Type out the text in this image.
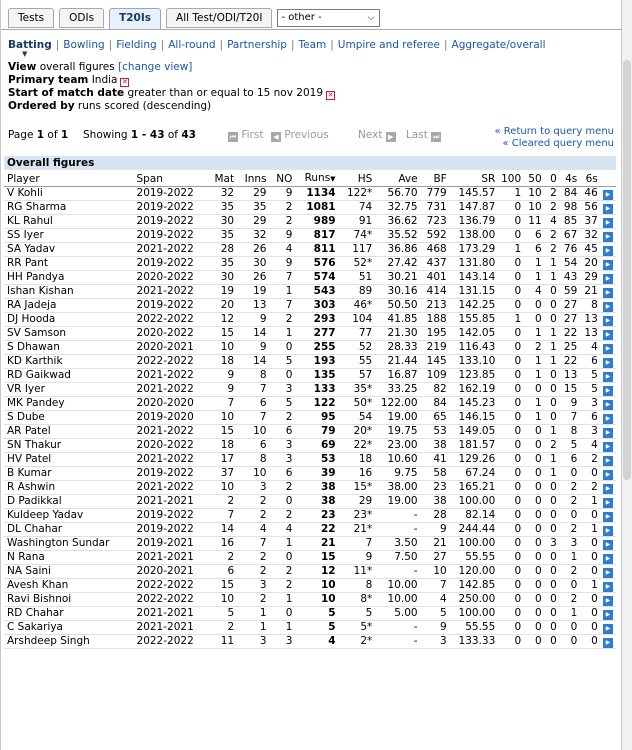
Tests	ODIs	T20Is	All Test/ODI/T20I	- other -	⌵
Batting
▼
| Bowling | Fielding | All-round | Partnership | Team | Umpire and referee | Aggregate/overall
View overall figures [change view]
Primary team India ✕
Start of match date greater than or equal to 15 nov 2019 ✕
Ordered by runs scored (descending)
Page 1 of 1 Showing 1 - 43 of 43	⏮ First	◀ Previous	Next ▶ Last ⏭	« Return to query menu
« Cleared query menu
Overall figures
Player	Span	Mat	Inns	NO	Runs▼	HS	Ave	BF	SR	100	50	0	4s	6s	
V Kohli	2019-2022	32	29	9	1134	122*	56.70	779	145.57	1	10	2	84	46	▶
RG Sharma	2019-2022	35	35	2	1081	74	32.75	731	147.87	0	10	2	98	56	▶
KL Rahul	2019-2022	30	29	2	989	91	36.62	723	136.79	0	11	4	85	37	▶
SS Iyer	2019-2022	35	32	9	817	74*	35.52	592	138.00	0	6	2	67	32	▶
SA Yadav	2021-2022	28	26	4	811	117	36.86	468	173.29	1	6	2	76	45	▶
RR Pant	2019-2022	35	30	9	576	52*	27.42	437	131.80	0	1	1	54	20	▶
HH Pandya	2020-2022	30	26	7	574	51	30.21	401	143.14	0	1	1	43	29	▶
Ishan Kishan	2021-2022	19	19	1	543	89	30.16	414	131.15	0	4	0	59	21	▶
RA Jadeja	2019-2022	20	13	7	303	46*	50.50	213	142.25	0	0	0	27	8	▶
DJ Hooda	2022-2022	12	9	2	293	104	41.85	188	155.85	1	0	0	27	13	▶
SV Samson	2020-2022	15	14	1	277	77	21.30	195	142.05	0	1	1	22	13	▶
S Dhawan	2020-2021	10	9	0	255	52	28.33	219	116.43	0	2	1	25	4	▶
KD Karthik	2022-2022	18	14	5	193	55	21.44	145	133.10	0	1	1	22	6	▶
RD Gaikwad	2021-2022	9	8	0	135	57	16.87	109	123.85	0	1	0	13	5	▶
VR Iyer	2021-2022	9	7	3	133	35*	33.25	82	162.19	0	0	0	15	5	▶
MK Pandey	2020-2020	7	6	5	122	50*	122.00	84	145.23	0	1	0	9	3	▶
S Dube	2019-2020	10	7	2	95	54	19.00	65	146.15	0	1	0	7	6	▶
AR Patel	2021-2022	15	10	6	79	20*	19.75	53	149.05	0	0	1	8	3	▶
SN Thakur	2020-2022	18	6	3	69	22*	23.00	38	181.57	0	0	2	5	4	▶
HV Patel	2021-2022	17	8	3	53	18	10.60	41	129.26	0	0	1	6	2	▶
B Kumar	2019-2022	37	10	6	39	16	9.75	58	67.24	0	0	1	0	0	▶
R Ashwin	2021-2022	10	3	2	38	15*	38.00	23	165.21	0	0	0	2	2	▶
D Padikkal	2021-2021	2	2	0	38	29	19.00	38	100.00	0	0	0	2	1	▶
Kuldeep Yadav	2019-2022	7	2	2	23	23*	-	28	82.14	0	0	0	0	0	▶
DL Chahar	2019-2022	14	4	4	22	21*	-	9	244.44	0	0	0	2	1	▶
Washington Sundar	2019-2021	16	7	1	21	7	3.50	21	100.00	0	0	3	3	0	▶
N Rana	2021-2021	2	2	0	15	9	7.50	27	55.55	0	0	0	1	0	▶
NA Saini	2020-2021	6	2	2	12	11*	-	10	120.00	0	0	0	2	0	▶
Avesh Khan	2022-2022	15	3	2	10	8	10.00	7	142.85	0	0	0	0	1	▶
Ravi Bishnoi	2022-2022	10	2	1	10	8*	10.00	4	250.00	0	0	0	2	0	▶
RD Chahar	2021-2021	5	1	0	5	5	5.00	5	100.00	0	0	0	1	0	▶
C Sakariya	2021-2021	2	1	1	5	5*	-	9	55.55	0	0	0	0	0	▶
Arshdeep Singh	2022-2022	11	3	3	4	2*	-	3	133.33	0	0	0	0	0	▶
